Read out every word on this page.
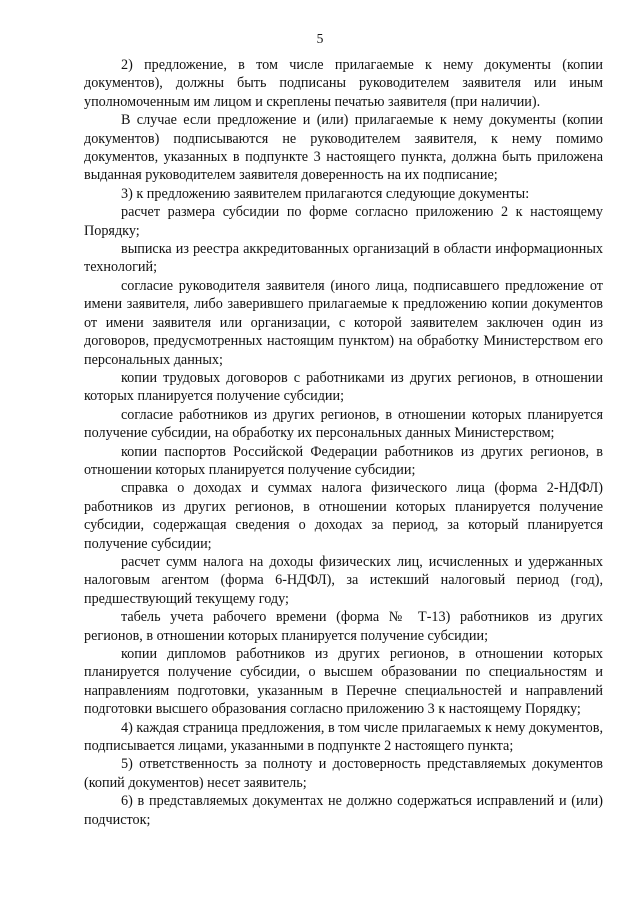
5

2) предложение, в том числе прилагаемые к нему документы (копии документов), должны быть подписаны руководителем заявителя или иным уполномоченным им лицом и скреплены печатью заявителя (при наличии).

В случае если предложение и (или) прилагаемые к нему документы (копии документов) подписываются не руководителем заявителя, к нему помимо документов, указанных в подпункте 3 настоящего пункта, должна быть приложена выданная руководителем заявителя доверенность на их подписание;

3) к предложению заявителем прилагаются следующие документы:

расчет размера субсидии по форме согласно приложению 2 к настоящему Порядку;

выписка из реестра аккредитованных организаций в области информационных технологий;

согласие руководителя заявителя (иного лица, подписавшего предложение от имени заявителя, либо заверившего прилагаемые к предложению копии документов от имени заявителя или организации, с которой заявителем заключен один из договоров, предусмотренных настоящим пунктом) на обработку Министерством его персональных данных;

копии трудовых договоров с работниками из других регионов, в отношении которых планируется получение субсидии;

согласие работников из других регионов, в отношении которых планируется получение субсидии, на обработку их персональных данных Министерством;

копии паспортов Российской Федерации работников из других регионов, в отношении которых планируется получение субсидии;

справка о доходах и суммах налога физического лица (форма 2-НДФЛ) работников из других регионов, в отношении которых планируется получение субсидии, содержащая сведения о доходах за период, за который планируется получение субсидии;

расчет сумм налога на доходы физических лиц, исчисленных и удержанных налоговым агентом (форма 6-НДФЛ), за истекший налоговый период (год), предшествующий текущему году;

табель учета рабочего времени (форма № Т-13) работников из других регионов, в отношении которых планируется получение субсидии;

копии дипломов работников из других регионов, в отношении которых планируется получение субсидии, о высшем образовании по специальностям и направлениям подготовки, указанным в Перечне специальностей и направлений подготовки высшего образования согласно приложению 3 к настоящему Порядку;

4) каждая страница предложения, в том числе прилагаемых к нему документов, подписывается лицами, указанными в подпункте 2 настоящего пункта;

5) ответственность за полноту и достоверность представляемых документов (копий документов) несет заявитель;

6) в представляемых документах не должно содержаться исправлений и (или) подчисток;
